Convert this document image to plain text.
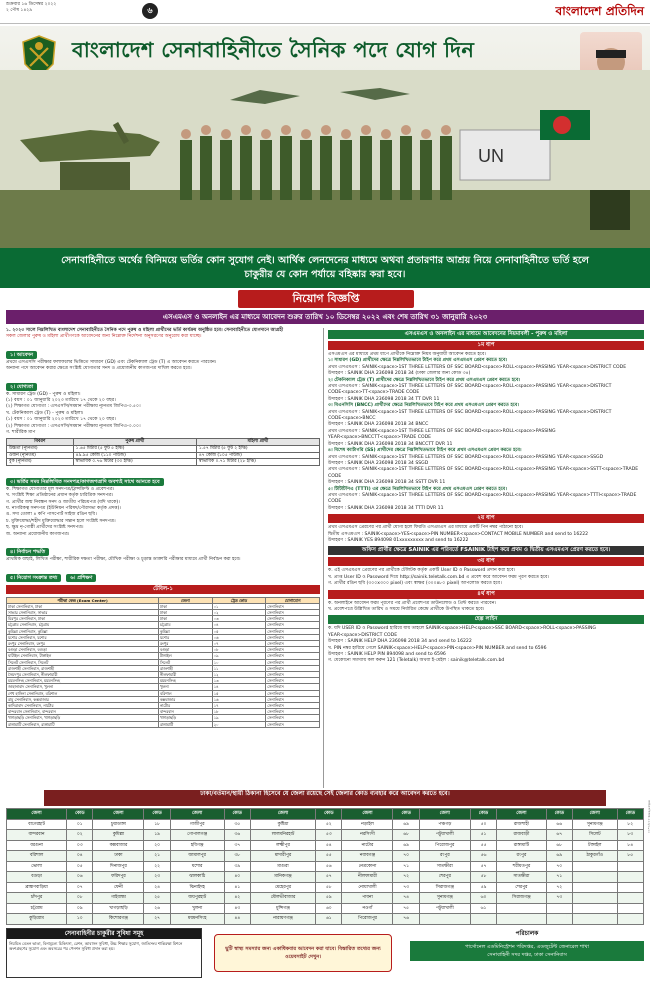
শুক্রবার ১৬ ডিসেম্বর ২০২২
২ পৌষ ১৪২৯	৬	বাংলাদেশ প্রতিদিন
বাংলাদেশ সেনাবাহিনীতে সৈনিক পদে যোগ দিন
UN
সেনাবাহিনীতে অর্থের বিনিময়ে ভর্তির কোন সুযোগ নেই। আর্থিক লেনদেনের মাধ্যমে অথবা প্রতারণার আশ্রয় নিয়ে সেনাবাহিনীতে ভর্তি হলে
চাকুরীর যে কোন পর্যায়ে বহিষ্কার করা হবে।
নিয়োগ বিজ্ঞপ্তি
এসএমএস ও অনলাইন এর মাধ্যমে আবেদন শুরুর তারিখ ১০ ডিসেম্বর ২০২২ এবং শেষ তারিখ ৩১ জানুয়ারি ২০২৩
১. ২০২৩ সালে নিম্নলিখিত বাংলাদেশ সেনাবাহিনীতে সৈনিক পদে পুরুষ ও মহিলা প্রার্থীদের ভর্তি কার্যক্রম অনুষ্ঠিত হবে। সেনাবাহিনীতে যোগদানে আগ্রহী
সকল জেলার পুরুষ ও মহিলা প্রার্থীগণকে আবেদনের জন্য নিম্নোক্ত নির্দেশনা অনুসরণের অনুরোধ করা যাচ্ছে।
১। আবেদন
প্রথমে এসএসসি পরীক্ষার ফলাফলের ভিত্তিতে সাধারণ (GD) এবং টেকনিক্যাল ট্রেড (T) এ আবেদন করতে পারবেন।
অন্যান্য পদে আবেদন করার ক্ষেত্রে সংশ্লিষ্ট যোগ্যতার সনদ ও প্রয়োজনীয় কাগজপত্র দাখিল করতে হবে।
২। যোগ্যতা
ক. সাধারণ ট্রেড (GD) - পুরুষ ও মহিলা।
(১) বয়স : ০১ জানুয়ারি ২০২৩ তারিখে ১৭ থেকে ২০ বছর।
(২) শিক্ষাগত যোগ্যতা : এসএসসি/সমমান পরীক্ষায় ন্যূনতম জিপিএ-৩.৫০।
খ. টেকনিক্যাল ট্রেড (T) - পুরুষ ও মহিলা।
(১) বয়স : ০১ জানুয়ারি ২০২৩ তারিখে ১৭ থেকে ২০ বছর।
(২) শিক্ষাগত যোগ্যতা : এসএসসি/সমমান পরীক্ষায় ন্যূনতম জিপিএ-৩.০০।
গ. শারীরিক মাপ
বিবরণ	পুরুষ প্রার্থী	মহিলা প্রার্থী
উচ্চতা (ন্যূনতম)	১.৬৫ মিটার (৫ ফুট ৫ ইঞ্চি)	১.৫৭ মিটার (৫ ফুট ২ ইঞ্চি)
ওজন (ন্যূনতম)	৪৯.৯৫ কেজি (১১০ পাউন্ড)	৪৭ কেজি (১০৫ পাউন্ড)
বুক (ন্যূনতম)	স্বাভাবিক ০.৭৬ মিটার (৩০ ইঞ্চি)	স্বাভাবিক ০.৭১ মিটার (২৮ ইঞ্চি)
৩। ভর্তির সময় নিম্নলিখিত সনদপত্র/কাগজপত্রাদি অবশ্যই সাথে আনতে হবে
ক. শিক্ষাগত যোগ্যতার মূল সনদপত্র/ট্রান্সক্রিপ্ট ও প্রবেশপত্র।
খ. সংশ্লিষ্ট শিক্ষা প্রতিষ্ঠানের প্রধান কর্তৃক চারিত্রিক সনদপত্র।
গ. প্রার্থীর জন্ম নিবন্ধন সনদ ও জাতীয় পরিচয়পত্র (যদি থাকে)।
ঘ. নাগরিকত্ব সনদপত্র (ইউনিয়ন পরিষদ/পৌরসভা কর্তৃক প্রদত্ত)।
ঙ. সদ্য তোলা ৪ কপি পাসপোর্ট সাইজ রঙিন ছবি।
চ. মুক্তিযোদ্ধা/শহীদ মুক্তিযোদ্ধার সন্তান হলে সংশ্লিষ্ট সনদপত্র।
ছ. ক্ষুদ্র নৃ-গোষ্ঠী প্রার্থীদের সংশ্লিষ্ট সনদপত্র।
জ. অন্যান্য প্রয়োজনীয় কাগজপত্র।
৪। নির্বাচন পদ্ধতি
প্রাথমিক বাছাই, লিখিত পরীক্ষা, শারীরিক দক্ষতা পরীক্ষা, মৌখিক পরীক্ষা ও চূড়ান্ত ডাক্তারি পরীক্ষার মাধ্যমে প্রার্থী নির্বাচন করা হবে।
৫। নিয়োগ সংক্রান্ত তথ্য	৬। প্রশিক্ষণ
টেবিল-১
পরীক্ষা কেন্দ্র (Exam Center)	জেলা	ট্রেড কোড	যোগাযোগ
ঢাকা সেনানিবাস, ঢাকা	ঢাকা	০১	সেনানিবাস
সাভার সেনানিবাস, সাভার	ঢাকা	০২	সেনানিবাস
মিরপুর সেনানিবাস, ঢাকা	ঢাকা	০৩	সেনানিবাস
চট্টগ্রাম সেনানিবাস, চট্টগ্রাম	চট্টগ্রাম	০৪	সেনানিবাস
কুমিল্লা সেনানিবাস, কুমিল্লা	কুমিল্লা	০৫	সেনানিবাস
যশোর সেনানিবাস, যশোর	যশোর	০৬	সেনানিবাস
রংপুর সেনানিবাস, রংপুর	রংপুর	০৭	সেনানিবাস
বগুড়া সেনানিবাস, বগুড়া	বগুড়া	০৮	সেনানিবাস
ঘাটাইল সেনানিবাস, টাঙ্গাইল	টাঙ্গাইল	০৯	সেনানিবাস
সিলেট সেনানিবাস, সিলেট	সিলেট	১০	সেনানিবাস
রাজশাহী সেনানিবাস, রাজশাহী	রাজশাহী	১১	সেনানিবাস
সৈয়দপুর সেনানিবাস, নীলফামারী	নীলফামারী	১২	সেনানিবাস
ময়মনসিংহ সেনানিবাস, ময়মনসিংহ	ময়মনসিংহ	১৩	সেনানিবাস
জাহানাবাদ সেনানিবাস, খুলনা	খুলনা	১৪	সেনানিবাস
শেখ হাসিনা সেনানিবাস, বরিশাল	বরিশাল	১৫	সেনানিবাস
রামু সেনানিবাস, কক্সবাজার	কক্সবাজার	১৬	সেনানিবাস
কাদিরাবাদ সেনানিবাস, নাটোর	নাটোর	১৭	সেনানিবাস
বান্দরবান সেনানিবাস, বান্দরবান	বান্দরবান	১৮	সেনানিবাস
খাগড়াছড়ি সেনানিবাস, খাগড়াছড়ি	খাগড়াছড়ি	১৯	সেনানিবাস
রাঙ্গামাটি সেনানিবাস, রাঙ্গামাটি	রাঙ্গামাটি	২০	সেনানিবাস
এসএমএস ও অনলাইন এর মাধ্যমে আবেদনের নিয়মাবলী - পুরুষ ও মহিলা
১ম ধাপ
এসএমএস এর মাধ্যমে প্রথম ধাপে প্রার্থীকে নিম্নোক্ত নিয়ম অনুযায়ী আবেদন করতে হবে।
১। সাধারণ (GD) প্রার্থীদের ক্ষেত্রে নিম্নলিখিতভাবে টাইপ করে প্রথম এসএমএস প্রেরণ করতে হবে।
প্রথম এসএমএস : SAINIK<space>1ST THREE LETTERS OF SSC BOARD<space>ROLL<space>PASSING YEAR<space>DISTRICT CODE
উদাহরণ : SAINIK DHA 236098 2018 34 (ঢাকা জেলার জন্য কোড ৩৪)
২। টেকনিক্যাল ট্রেড (T) প্রার্থীদের ক্ষেত্রে নিম্নলিখিতভাবে টাইপ করে প্রথম এসএমএস প্রেরণ করতে হবে।
প্রথম এসএমএস : SAINIK<space>1ST THREE LETTERS OF SSC BOARD<space>ROLL<space>PASSING YEAR<space>DISTRICT CODE<space>TT<space>TRADE CODE
উদাহরণ : SAINIK DHA 236098 2018 34 TT DVR 11
৩। বিএনসিসি (BNCC) প্রার্থীদের ক্ষেত্রে নিম্নলিখিতভাবে টাইপ করে প্রথম এসএমএস প্রেরণ করতে হবে।
প্রথম এসএমএস : SAINIK<space>1ST THREE LETTERS OF SSC BOARD<space>ROLL<space>PASSING YEAR<space>DISTRICT CODE<space>BNCC
উদাহরণ : SAINIK DHA 236098 2018 34 BNCC
প্রথম এসএমএস : SAINIK<space>1ST THREE LETTERS OF SSC BOARD<space>ROLL<space>PASSING YEAR<space>BNCCTT<space>TRADE CODE
উদাহরণ : SAINIK DHA 236098 2018 34 BNCCTT DVR 11
৪। বিশেষ ক্যাটাগরি (SS) প্রার্থীদের ক্ষেত্রে নিম্নলিখিতভাবে টাইপ করে প্রথম এসএমএস প্রেরণ করতে হবে।
প্রথম এসএমএস : SAINIK<space>1ST THREE LETTERS OF SSC BOARD<space>ROLL<space>PASSING YEAR<space>SSGD
উদাহরণ : SAINIK DHA 236098 2018 34 SSGD
প্রথম এসএমএস : SAINIK<space>1ST THREE LETTERS OF SSC BOARD<space>ROLL<space>PASSING YEAR<space>SSTT<space>TRADE CODE
উদাহরণ : SAINIK DHA 236098 2018 34 SSTT DVR 11
৫। টিটিটিপিএ (TTTI) এর ক্ষেত্রে নিম্নলিখিতভাবে টাইপ করে প্রথম এসএমএস প্রেরণ করতে হবে।
প্রথম এসএমএস : SAINIK<space>1ST THREE LETTERS OF SSC BOARD<space>ROLL<space>PASSING YEAR<space>TTTI<space>TRADE CODE
উদাহরণ : SAINIK DHA 236098 2018 34 TTTI DVR 11
২য় ধাপ
প্রথম এসএমএস প্রেরণের পর প্রার্থী যোগ্য হলে ফিরতি এসএমএস এর মাধ্যমে একটি পিন নম্বর পাঠানো হবে।
দ্বিতীয় এসএমএস : SAINIK<space>YES<space>PIN NUMBER<space>CONTACT MOBILE NUMBER and send to 16222
উদাহরণ : SAINIK YES 894098 01xxxxxxxxx and send to 16222
অফিস প্রার্থীর ক্ষেত্রে SAINIK এর পরিবর্তে FSAINIK টাইপ করে প্রথম ও দ্বিতীয় এসএমএস প্রেরণ করতে হবে।
৩য় ধাপ
ক. এই এসএমএস প্রেরণের পর প্রার্থীকে টেলিটক কর্তৃক একটি User ID ও Password প্রদান করা হবে।
খ. প্রাপ্ত User ID ও Password দিয়ে http://sainik.teletalk.com.bd এ প্রবেশ করে আবেদন ফরম পূরণ করতে হবে।
গ. প্রার্থীর রঙিন ছবি (৩০০x৩০০ pixel) এবং স্বাক্ষর (৩০০x৮০ pixel) আপলোড করতে হবে।
৪র্থ ধাপ
ক. অনলাইনে আবেদন ফরম পূরণের পর প্রার্থী প্রবেশপত্র ডাউনলোড ও প্রিন্ট করতে পারবেন।
খ. প্রবেশপত্রে উল্লিখিত তারিখ ও সময়ে নির্ধারিত কেন্দ্রে প্রার্থীকে উপস্থিত থাকতে হবে।
হেল্প লাইন
ক. যদি USER ID ও Password হারিয়ে যায় তাহলে SAINIK<space>HELP<space>SSC BOARD<space>ROLL<space>PASSING YEAR<space>DISTRICT CODE
উদাহরণ : SAINIK HELP DHA 236098 2018 34 and send to 16222
খ. PIN নম্বর হারিয়ে গেলে SAINIK<space>HELP<space>PIN<space>PIN NUMBER and send to 6596
উদাহরণ : SAINIK HELP PIN 894098 and send to 6596
গ. যেকোনো সমস্যায় কল করুন 121 (Teletalk) অথবা ই-মেইল : sainik@teletalk.com.bd
ঢাকা/বর্তমান/স্থায়ী ঠিকানা হিসেবে যে জেলা রয়েছে সেই জেলার কোড ব্যবহার করে আবেদন করতে হবে।
জেলা	কোড	জেলা	কোড	জেলা	কোড	জেলা	কোড	জেলা	কোড	জেলা	কোড	জেলা	কোড	জেলা	কোড
বাগেরহাট	০১	চুয়াডাঙ্গা	১৮	গাজীপুর	৩৫	কুষ্টিয়া	৫২	নড়াইল	৬৯	পঞ্চগড়	৫০	রাজশাহী	৬৬	সুনামগঞ্জ	৮২
বান্দরবান	০২	কুমিল্লা	১৯	গোপালগঞ্জ	৩৬	লালমনিরহাট	৫৩	নরসিংদী	৬৮	পটুয়াখালী	৫১	রাজবাড়ী	৬৭	সিলেট	৮৩
বরগুনা	০৩	কক্সবাজার	২০	হবিগঞ্জ	৩৭	লক্ষ্মীপুর	৫৪	নাটোর	৬৯	পিরোজপুর	৫৫	রাঙ্গামাটি	৬৮	টাঙ্গাইল	৮৪
বরিশাল	০৪	ঢাকা	২১	জামালপুর	৩৮	মাদারীপুর	৫৫	নবাবগঞ্জ	৭০	রংপুর	৫৬	রংপুর	৬৯	ঠাকুরগাঁও	৮৫
ভোলা	০৫	দিনাজপুর	২২	যশোর	৩৯	মাগুরা	৫৬	নেত্রকোনা	৭১	সাতক্ষীরা	৫৭	শরীয়তপুর	৭০		
বগুড়া	০৬	ফরিদপুর	২৩	ঝালকাঠি	৪০	মানিকগঞ্জ	৫৭	নীলফামারী	৭২	শেরপুর	৫৮	সাতক্ষীরা	৭১		
ব্রাহ্মণবাড়িয়া	০৭	ফেনী	২৪	ঝিনাইদহ	৪১	মেহেরপুর	৫৮	নোয়াখালী	৭৩	সিরাজগঞ্জ	৫৯	শেরপুর	৭২		
চাঁদপুর	০৮	গাইবান্ধা	২৫	জয়পুরহাট	৪২	মৌলভীবাজার	৫৯	পাবনা	৭৪	সুনামগঞ্জ	৬০	সিরাজগঞ্জ	৭৩		
চট্টগ্রাম	০৯	খাগড়াছড়ি	২৬	খুলনা	৪৩	মুন্সিগঞ্জ	৬০	নওগাঁ	৭৫	পটুয়াখালী	৬১				
কুড়িগ্রাম	১০	কিশোরগঞ্জ	২৭	ময়মনসিংহ	৪৪	নারায়ণগঞ্জ	৬১	পিরোজপুর	৭৬						
সেনাবাহিনীর চাকুরীর সুবিধা সমূহ
নিয়মিত বেতন ভাতা, বিনামূল্যে চিকিৎসা, রেশন, আবাসন সুবিধা, উচ্চ শিক্ষার সুযোগ, জাতিসংঘ শান্তিরক্ষা মিশনে অংশগ্রহণের সুযোগ এবং অবসরের পর পেনশন সুবিধা প্রদান করা হয়।	ছুটি স্বাস্থ্য সমস্যার জন্য একাধিকবার আবেদন করা যাবে। বিস্তারিত তথ্যের জন্য ওয়েবসাইট দেখুন।
পরিচালক
পার্সোনেল এডমিনিস্ট্রেশন পরিদপ্তর, এডজুটেন্ট জেনারেল শাখা
সেনাবাহিনী সদর দপ্তর, ঢাকা সেনানিবাস
আইএসপিআর-১২৩/২০২২
